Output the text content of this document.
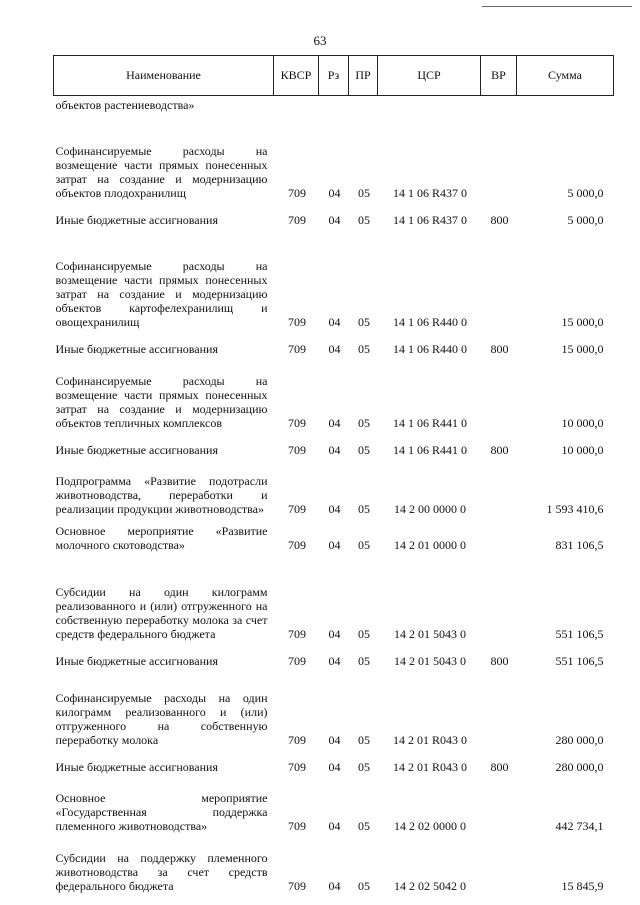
63
Наименование	КВСР	Рз	ПР	ЦСР	ВР	Сумма
объектов растениеводства»						
Софинансируемые расходы на возмещение части прямых понесенных затрат на создание и модернизацию объектов плодохранилищ	709	04	05	14 1 06 R437 0		5 000,0
Иные бюджетные ассигнования	709	04	05	14 1 06 R437 0	800	5 000,0
Софинансируемые расходы на возмещение части прямых понесенных затрат на создание и модернизацию объектов картофелехранилищ и овощехранилищ	709	04	05	14 1 06 R440 0		15 000,0
Иные бюджетные ассигнования	709	04	05	14 1 06 R440 0	800	15 000,0
Софинансируемые расходы на возмещение части прямых понесенных затрат на создание и модернизацию объектов тепличных комплексов	709	04	05	14 1 06 R441 0		10 000,0
Иные бюджетные ассигнования	709	04	05	14 1 06 R441 0	800	10 000,0
Подпрограмма «Развитие подотрасли животноводства, переработки и реализации продукции животноводства»	709	04	05	14 2 00 0000 0		1 593 410,6
Основное мероприятие «Развитие молочного скотоводства»	709	04	05	14 2 01 0000 0		831 106,5
Субсидии на один килограмм реализованного и (или) отгруженного на собственную переработку молока за счет средств федерального бюджета	709	04	05	14 2 01 5043 0		551 106,5
Иные бюджетные ассигнования	709	04	05	14 2 01 5043 0	800	551 106,5
Софинансируемые расходы на один килограмм реализованного и (или) отгруженного на собственную переработку молока	709	04	05	14 2 01 R043 0		280 000,0
Иные бюджетные ассигнования	709	04	05	14 2 01 R043 0	800	280 000,0
Основное мероприятие «Государственная поддержка племенного животноводства»	709	04	05	14 2 02 0000 0		442 734,1
Субсидии на поддержку племенного животноводства за счет средств федерального бюджета	709	04	05	14 2 02 5042 0		15 845,9
